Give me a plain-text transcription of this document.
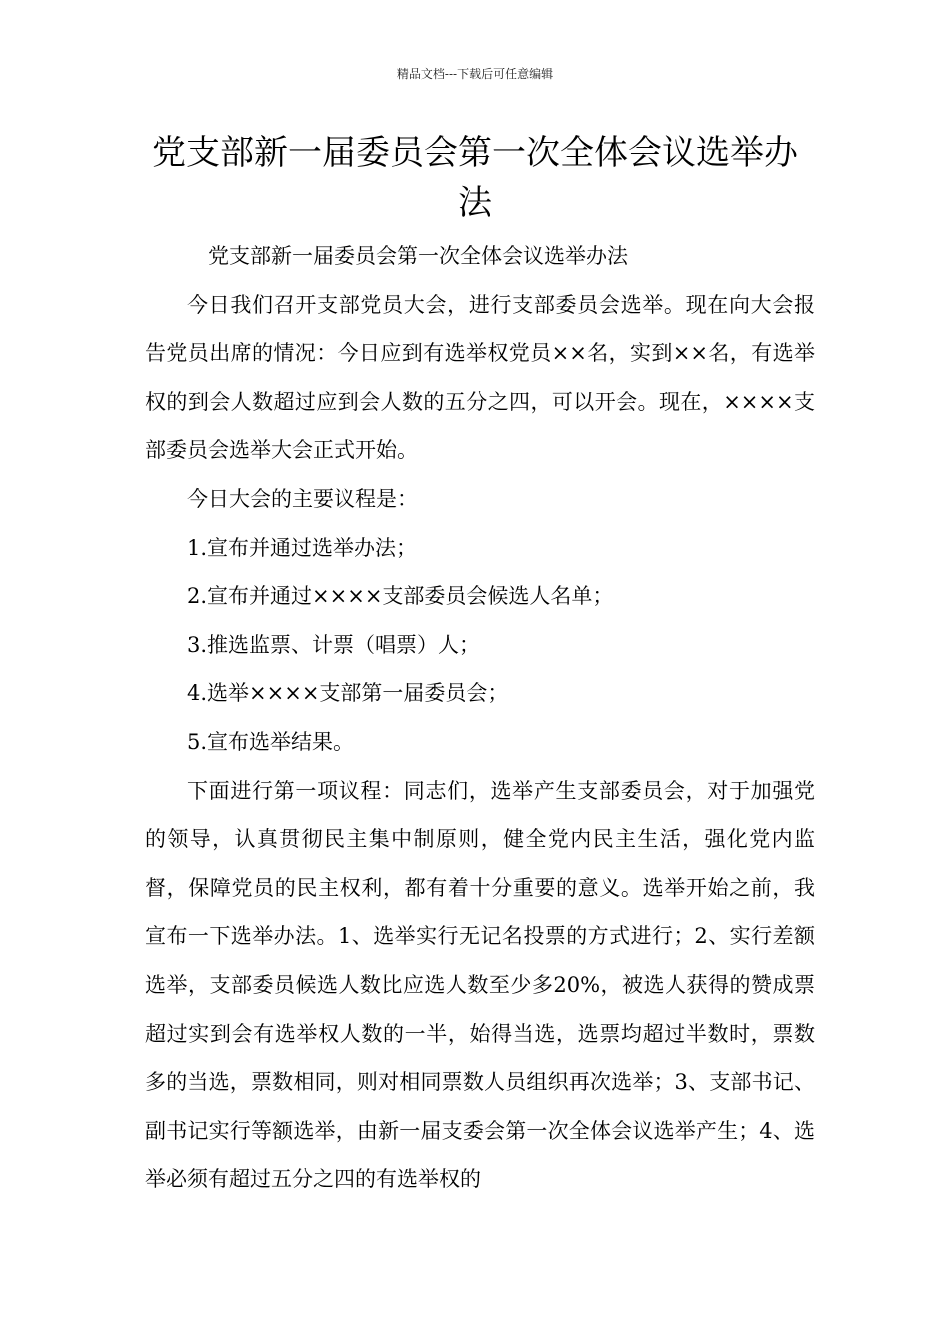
精品文档---下载后可任意编辑
党支部新一届委员会第一次全体会议选举办法

党支部新一届委员会第一次全体会议选举办法

今日我们召开支部党员大会，进行支部委员会选举。现在向大会报告党员出席的情况：今日应到有选举权党员××名，实到××名，有选举权的到会人数超过应到会人数的五分之四，可以开会。现在，××××支部委员会选举大会正式开始。

今日大会的主要议程是：

1.宣布并通过选举办法；

2.宣布并通过××××支部委员会候选人名单；

3.推选监票、计票（唱票）人；

4.选举××××支部第一届委员会；

5.宣布选举结果。

下面进行第一项议程：同志们，选举产生支部委员会，对于加强党的领导，认真贯彻民主集中制原则，健全党内民主生活，强化党内监督，保障党员的民主权利，都有着十分重要的意义。选举开始之前，我宣布一下选举办法。1、选举实行无记名投票的方式进行；2、实行差额选举，支部委员候选人数比应选人数至少多20%，被选人获得的赞成票超过实到会有选举权人数的一半，始得当选，选票均超过半数时，票数多的当选，票数相同，则对相同票数人员组织再次选举；3、支部书记、副书记实行等额选举，由新一届支委会第一次全体会议选举产生；4、选举必须有超过五分之四的有选举权的
